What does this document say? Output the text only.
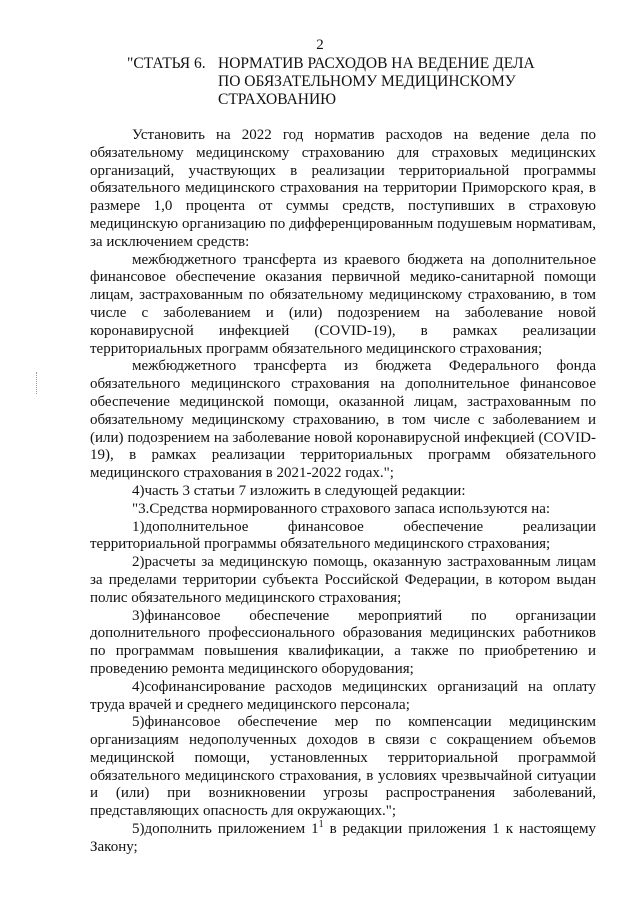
2
"СТАТЬЯ 6. НОРМАТИВ РАСХОДОВ НА ВЕДЕНИЕ ДЕЛА
ПО ОБЯЗАТЕЛЬНОМУ МЕДИЦИНСКОМУ
СТРАХОВАНИЮ

Установить на 2022 год норматив расходов на ведение дела по обязательному медицинскому страхованию для страховых медицинских организаций, участвующих в реализации территориальной программы обязательного медицинского страхования на территории Приморского края, в размере 1,0 процента от суммы средств, поступивших в страховую медицинскую организацию по дифференцированным подушевым нормативам, за исключением средств:

межбюджетного трансферта из краевого бюджета на дополнительное финансовое обеспечение оказания первичной медико-санитарной помощи лицам, застрахованным по обязательному медицинскому страхованию, в том числе с заболеванием и (или) подозрением на заболевание новой коронавирусной инфекцией (COVID-19), в рамках реализации территориальных программ обязательного медицинского страхования;

межбюджетного трансферта из бюджета Федерального фонда обязательного медицинского страхования на дополнительное финансовое обеспечение медицинской помощи, оказанной лицам, застрахованным по обязательному медицинскому страхованию, в том числе с заболеванием и (или) подозрением на заболевание новой коронавирусной инфекцией (COVID-19), в рамках реализации территориальных программ обязательного медицинского страхования в 2021-2022 годах.";

4)часть 3 статьи 7 изложить в следующей редакции:

"3.Средства нормированного страхового запаса используются на:

1)дополнительное финансовое обеспечение реализации территориальной программы обязательного медицинского страхования;

2)расчеты за медицинскую помощь, оказанную застрахованным лицам за пределами территории субъекта Российской Федерации, в котором выдан полис обязательного медицинского страхования;

3)финансовое обеспечение мероприятий по организации дополнительного профессионального образования медицинских работников по программам повышения квалификации, а также по приобретению и проведению ремонта медицинского оборудования;

4)софинансирование расходов медицинских организаций на оплату труда врачей и среднего медицинского персонала;

5)финансовое обеспечение мер по компенсации медицинским организациям недополученных доходов в связи с сокращением объемов медицинской помощи, установленных территориальной программой обязательного медицинского страхования, в условиях чрезвычайной ситуации и (или) при возникновении угрозы распространения заболеваний, представляющих опасность для окружающих.";

5)дополнить приложением $1^1$ в редакции приложения 1 к настоящему Закону;
